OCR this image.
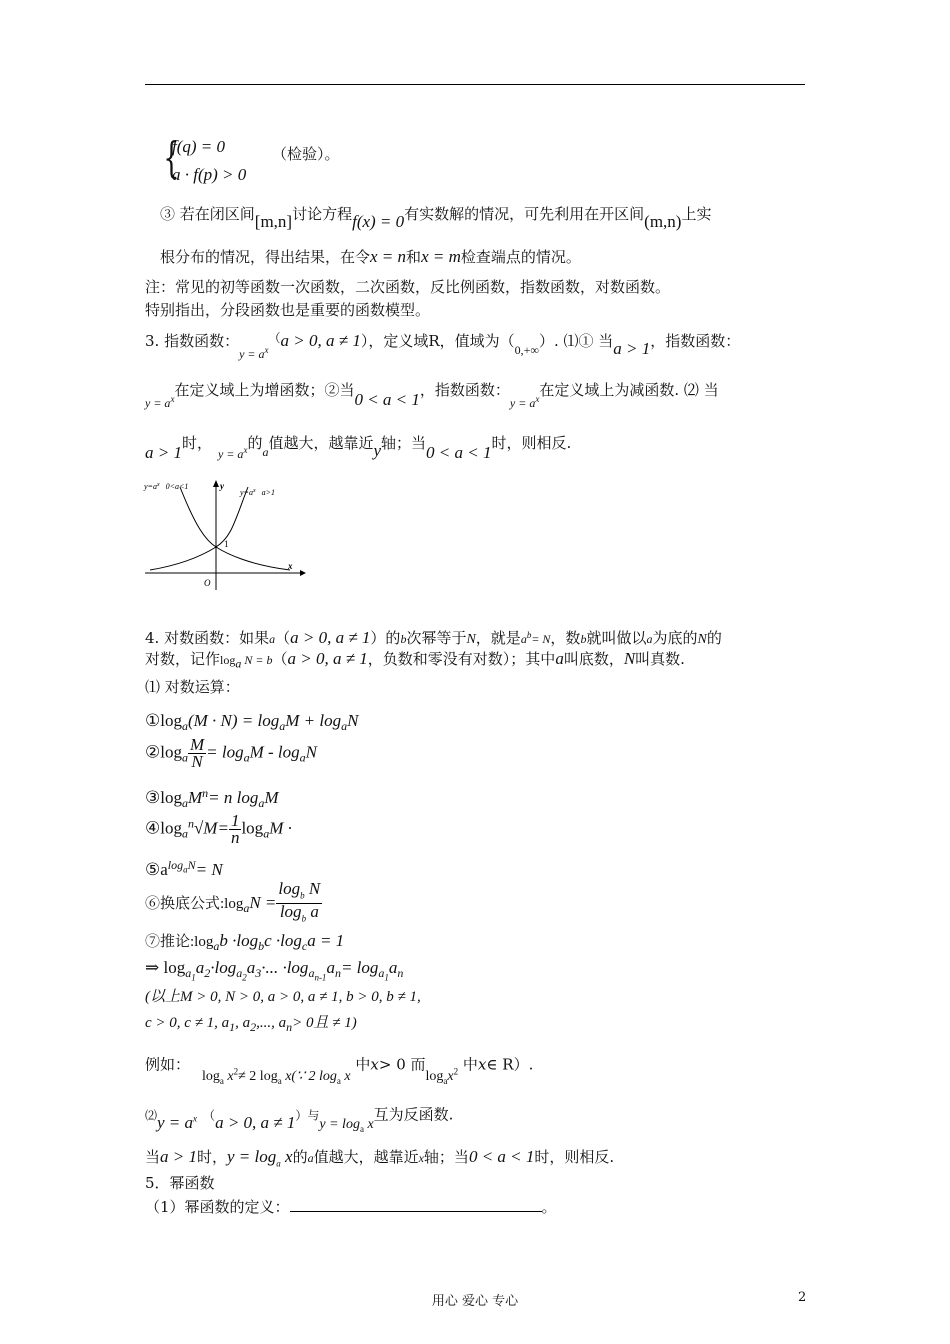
{
f(q) = 0
a · f(p) > 0
（检验）。
③ 若在闭区间[m,n]讨论方程f(x) = 0有实数解的情况，可先利用在开区间(m,n)上实
根分布的情况，得出结果，在令x = n和x = m检查端点的情况。
注：常见的初等函数一次函数，二次函数，反比例函数，指数函数，对数函数。
特别指出，分段函数也是重要的函数模型。
3. 指数函数：$_{y = a^x}$（a > 0, a ≠ 1），定义域R，值域为$(_{0,+\infty})$. ⑴① 当a > 1，指数函数：
$_{y = a^x}$在定义域上为增函数；②当0 < a < 1，指数函数：$_{y = a^x}$在定义域上为减函数. ⑵ 当
a > 1时，$_{y = a^x}$的$_a$值越大，越靠近y轴；当0 < a < 1时，则相反.
$y=a^x$ 0<a<1
$y=a^x$ a>1
y
x
O
1
4. 对数函数：如果a（a > 0, a ≠ 1）的b次幂等于N，就是$a^b= N$，数b就叫做以a为底的N的
对数，记作$\log_a N = b(a > 0$, a ≠ 1，负数和零没有对数）；其中a叫底数，N叫真数.
⑴ 对数运算：
$①\log_a(M \cdot N) = \log_aM + \log_aN$
$②\log_a \frac{M}{N} = \log_aM - \log_aN$
$③\log_aM^n= n$ $\log_aM$
$④\log_a^n√M= \frac{1}{n} \log_aM$ ·
$⑤a^{log_aN}= N$
⑥换底公式$:\log_aN = \frac{\log_b N}{\log_b a}$
⑦推论$:\log_ab \cdot\log_bc \cdot\log_ca = 1$
⇒ $\log_{a_1}a_2\cdot\log_{a_2}a_3\cdot$... $\cdot\log_{a_{n-1}}a_n= \log_{a_1}a_n$
(以上M > 0, N > 0, a > 0, a ≠ 1, b > 0, b ≠ 1,
c > 0, c ≠ 1, $a_1$, $a_2$,..., $a_n> 0$且 ≠ 1)
例如：$\log_a x^2\ne 2$ $\log_a$ x(∵ 2 $\log_a x$ 中x> 0 而$\log_ax^2$ 中x∈ R）.
⑵y = $a^x$ （a > 0, a ≠ 1）与$y = \log_a x$互为反函数.
当a > 1时，$y = \log_a x$的a值越大，越靠近x轴；当0 < a < 1时，则相反.
5．幂函数
（1）幂函数的定义：	。
用心 爱心 专心	2
